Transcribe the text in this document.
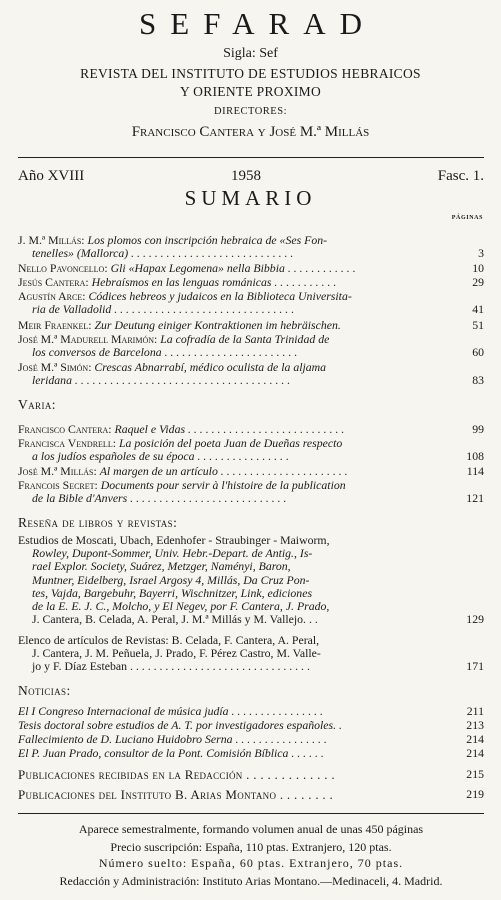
SEFARAD
Sigla: Sef
REVISTA DEL INSTITUTO DE ESTUDIOS HEBRAICOS
Y ORIENTE PROXIMO
DIRECTORES:
Francisco Cantera y José M.ª Millás
Año XVIII	1958	Fasc. 1.
SUMARIO
páginas
J. M.ª Millás: Los plomos con inscripción hebraica de «Ses Fon-
tenelles» (Mallorca) . . . . . . . . . . . . . . . . . . . . . . . . . . . .	3
Nello Pavoncello: Gli «Hapax Legomena» nella Bibbia . . . . . . . . . . . .	10
Jesús Cantera: Hebraísmos en las lenguas románicas . . . . . . . . . . .	29
Agustín Arce: Códices hebreos y judaicos en la Biblioteca Universita-
ria de Valladolid . . . . . . . . . . . . . . . . . . . . . . . . . . . . . . .	41
Meir Fraenkel: Zur Deutung einiger Kontraktionen im hebräischen.	51
José M.ª Madurell Marimón: La cofradía de la Santa Trinidad de
los conversos de Barcelona . . . . . . . . . . . . . . . . . . . . . . .	60
José M.ª Simón: Crescas Abnarrabí, médico oculista de la aljama
leridana . . . . . . . . . . . . . . . . . . . . . . . . . . . . . . . . . . . . .	83
Varia:
Francisco Cantera: Raquel e Vidas . . . . . . . . . . . . . . . . . . . . . . . . . . .	99
Francisca Vendrell: La posición del poeta Juan de Dueñas respecto
a los judíos españoles de su época . . . . . . . . . . . . . . . .	108
José M.ª Millás: Al margen de un artículo . . . . . . . . . . . . . . . . . . . . . .	114
Francois Secret: Documents pour servir à l'histoire de la publication
de la Bible d'Anvers . . . . . . . . . . . . . . . . . . . . . . . . . . .	121
Reseña de libros y revistas:
Estudios de Moscati, Ubach, Edenhofer - Straubinger - Maiworm,
Rowley, Dupont-Sommer, Univ. Hebr.-Depart. de Antig., Is-
rael Explor. Society, Suárez, Metzger, Naményi, Baron,
Muntner, Eidelberg, Israel Argosy 4, Millás, Da Cruz Pon-
tes, Vajda, Bargebuhr, Bayerri, Wischnitzer, Link, ediciones
de la E. E. J. C., Molcho, y El Negev, por F. Cantera, J. Prado,
J. Cantera, B. Celada, A. Peral, J. M.ª Millás y M. Vallejo. . .	129
Elenco de artículos de Revistas: B. Celada, F. Cantera, A. Peral,
J. Cantera, J. M. Peñuela, J. Prado, F. Pérez Castro, M. Valle-
jo y F. Díaz Esteban . . . . . . . . . . . . . . . . . . . . . . . . . . . . . . .	171
Noticias:
El I Congreso Internacional de música judía . . . . . . . . . . . . . . . .	211
Tesis doctoral sobre estudios de A. T. por investigadores españoles. .	213
Fallecimiento de D. Luciano Huidobro Serna . . . . . . . . . . . . . . . .	214
El P. Juan Prado, consultor de la Pont. Comisión Bíblica . . . . . .	214
Publicaciones recibidas en la Redacción . . . . . . . . . . . . .	215
Publicaciones del Instituto B. Arias Montano . . . . . . . .	219
Aparece semestralmente, formando volumen anual de unas 450 páginas
Precio suscripción: España, 110 ptas. Extranjero, 120 ptas.
Número suelto: España, 60 ptas. Extranjero, 70 ptas.
Redacción y Administración: Instituto Arias Montano.—Medinaceli, 4. Madrid.
